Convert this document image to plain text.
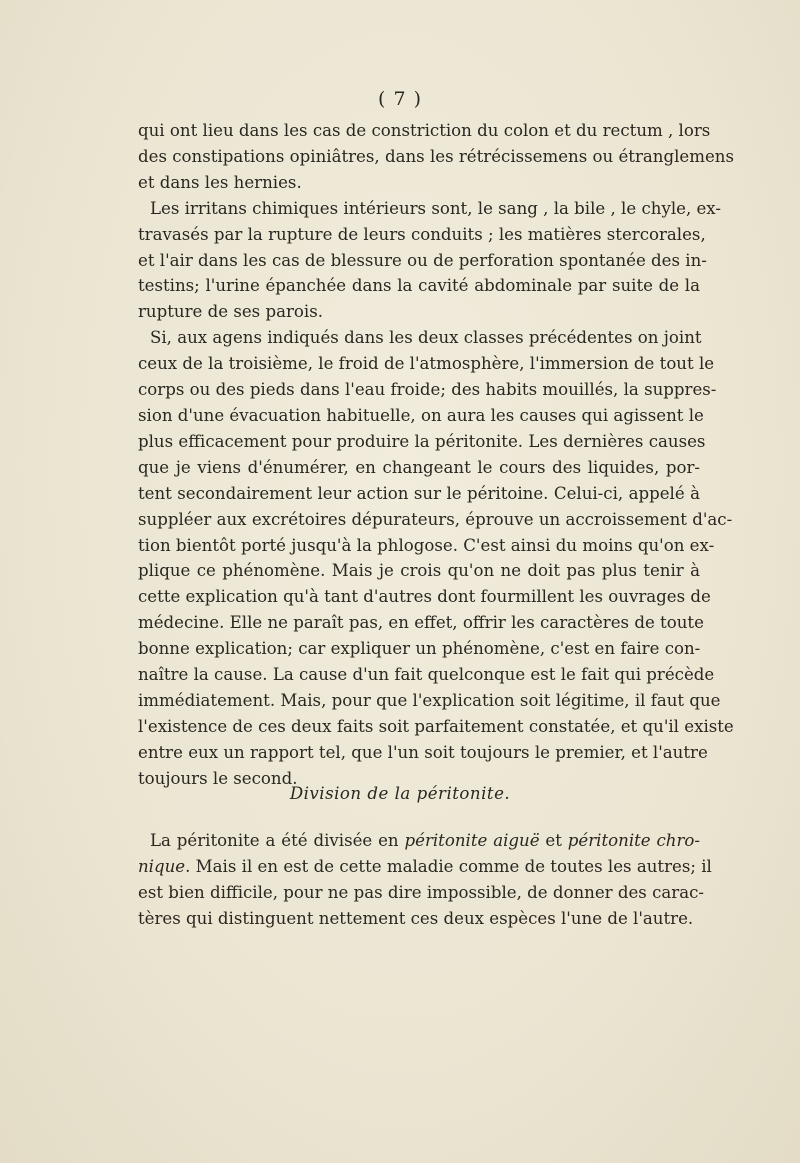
( 7 )
qui ont lieu dans les cas de constriction du colon et du rectum , lors
des constipations opiniâtres, dans les rétrécissemens ou étranglemens
et dans les hernies.
Les irritans chimiques intérieurs sont, le sang , la bile , le chyle, ex-
travasés par la rupture de leurs conduits ; les matières stercorales,
et l'air dans les cas de blessure ou de perforation spontanée des in-
testins; l'urine épanchée dans la cavité abdominale par suite de la
rupture de ses parois.
Si, aux agens indiqués dans les deux classes précédentes on joint
ceux de la troisième, le froid de l'atmosphère, l'immersion de tout le
corps ou des pieds dans l'eau froide; des habits mouillés, la suppres-
sion d'une évacuation habituelle, on aura les causes qui agissent le
plus efficacement pour produire la péritonite. Les dernières causes
que je viens d'énumérer, en changeant le cours des liquides, por-
tent secondairement leur action sur le péritoine. Celui-ci, appelé à
suppléer aux excrétoires dépurateurs, éprouve un accroissement d'ac-
tion bientôt porté jusqu'à la phlogose. C'est ainsi du moins qu'on ex-
plique ce phénomène. Mais je crois qu'on ne doit pas plus tenir à
cette explication qu'à tant d'autres dont fourmillent les ouvrages de
médecine. Elle ne paraît pas, en effet, offrir les caractères de toute
bonne explication; car expliquer un phénomène, c'est en faire con-
naître la cause. La cause d'un fait quelconque est le fait qui précède
immédiatement. Mais, pour que l'explication soit légitime, il faut que
l'existence de ces deux faits soit parfaitement constatée, et qu'il existe
entre eux un rapport tel, que l'un soit toujours le premier, et l'autre
toujours le second.
Division de la péritonite.
La péritonite a été divisée en péritonite aiguë et péritonite chro-
nique. Mais il en est de cette maladie comme de toutes les autres; il
est bien difficile, pour ne pas dire impossible, de donner des carac-
tères qui distinguent nettement ces deux espèces l'une de l'autre.
